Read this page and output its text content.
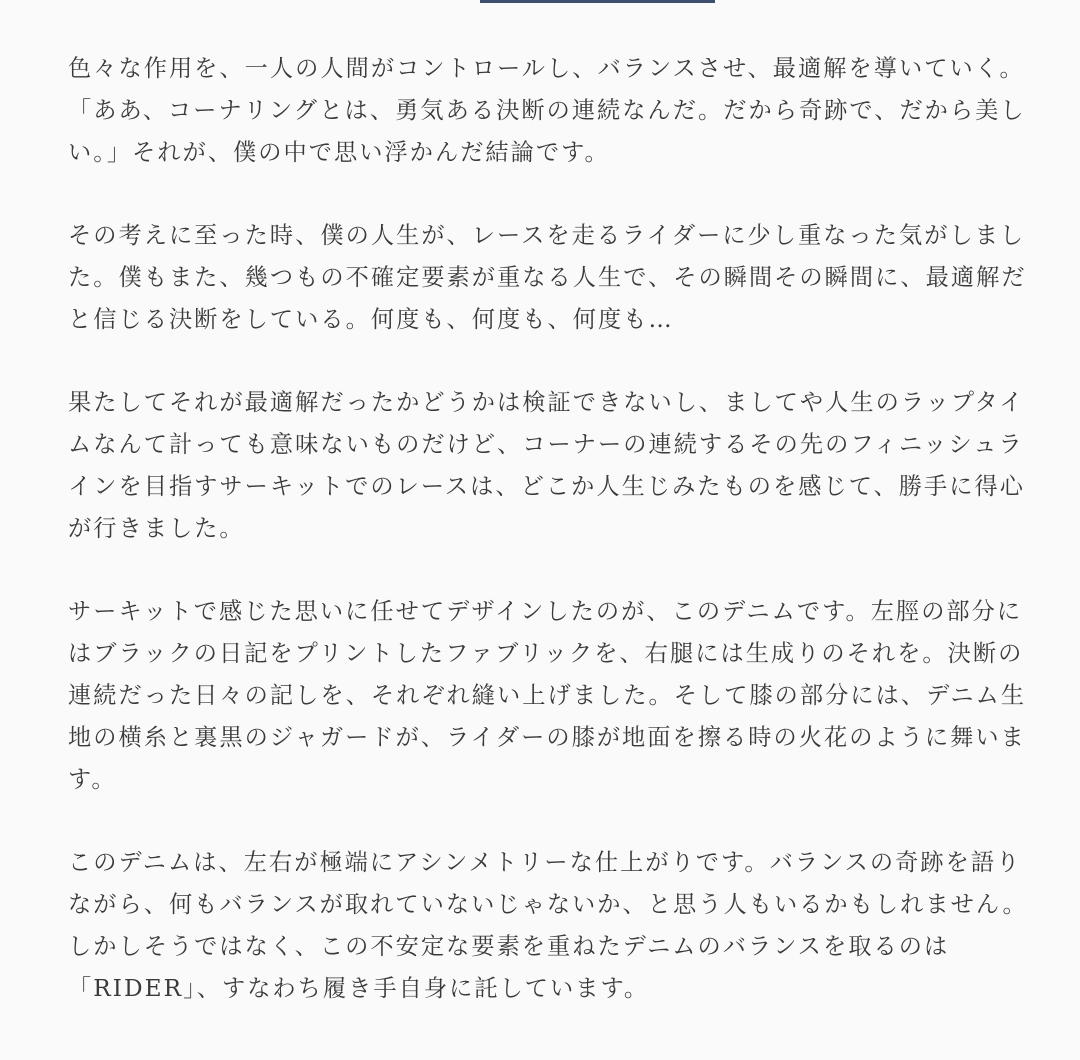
色々な作用を、一人の人間がコントロールし、バランスさせ、最適解を導いていく。
「ああ、コーナリングとは、勇気ある決断の連続なんだ。だから奇跡で、だから美し
い。」それが、僕の中で思い浮かんだ結論です。

その考えに至った時、僕の人生が、レースを走るライダーに少し重なった気がしまし
た。僕もまた、幾つもの不確定要素が重なる人生で、その瞬間その瞬間に、最適解だ
と信じる決断をしている。何度も、何度も、何度も…

果たしてそれが最適解だったかどうかは検証できないし、ましてや人生のラップタイ
ムなんて計っても意味ないものだけど、コーナーの連続するその先のフィニッシュラ
インを目指すサーキットでのレースは、どこか人生じみたものを感じて、勝手に得心
が行きました。

サーキットで感じた思いに任せてデザインしたのが、このデニムです。左脛の部分に
はブラックの日記をプリントしたファブリックを、右腿には生成りのそれを。決断の
連続だった日々の記しを、それぞれ縫い上げました。そして膝の部分には、デニム生
地の横糸と裏黒のジャガードが、ライダーの膝が地面を擦る時の火花のように舞いま
す。

このデニムは、左右が極端にアシンメトリーな仕上がりです。バランスの奇跡を語り
ながら、何もバランスが取れていないじゃないか、と思う人もいるかもしれません。
しかしそうではなく、この不安定な要素を重ねたデニムのバランスを取るのは
「RIDER」、すなわち履き手自身に託しています。
